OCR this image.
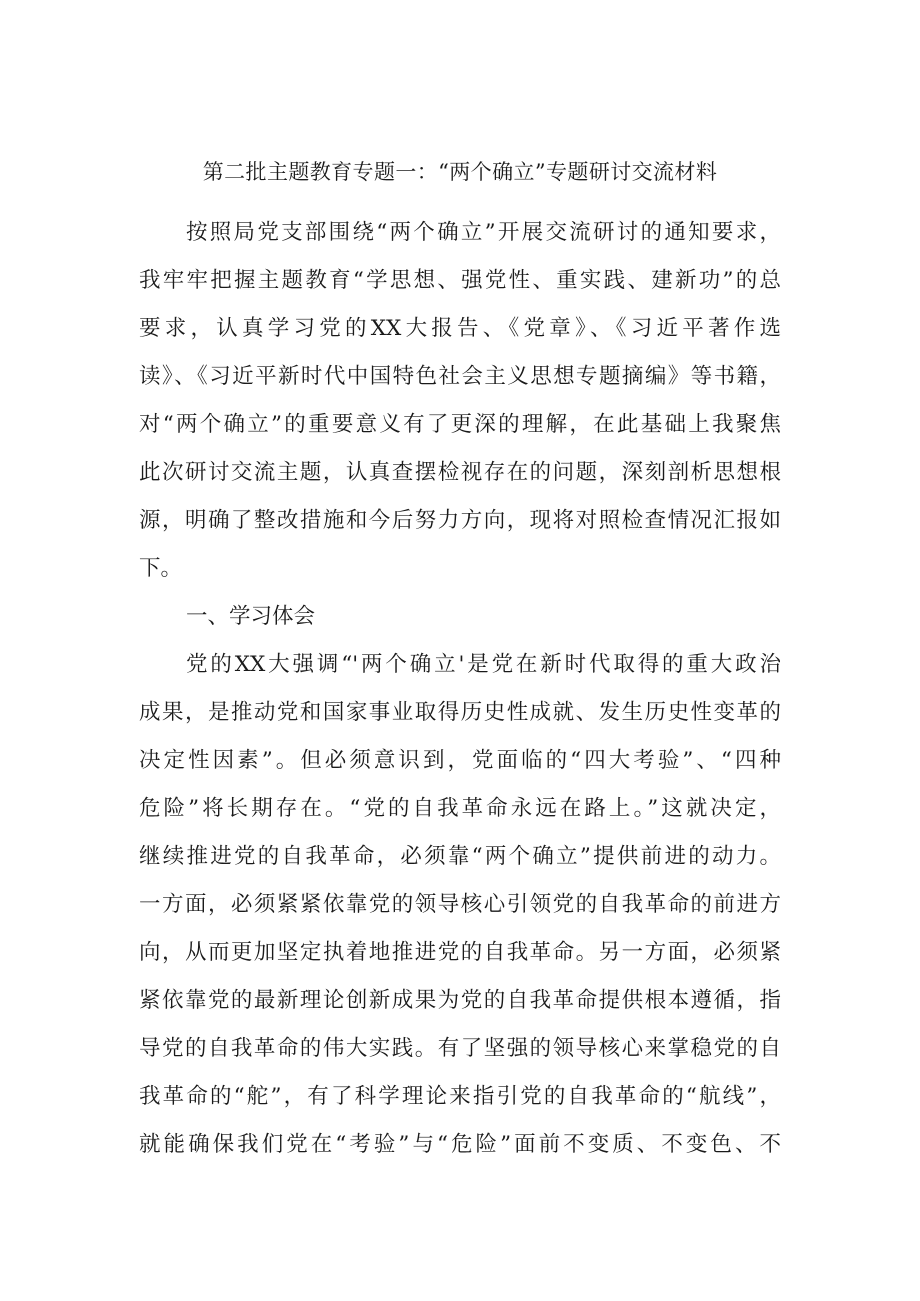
第二批主题教育专题一：“两个确立”专题研讨交流材料
按照局党支部围绕“两个确立”开展交流研讨的通知要求，
我牢牢把握主题教育“学思想、强党性、重实践、建新功”的总
要求，认真学习党的XX大报告、《党章》、《习近平著作选
读》、《习近平新时代中国特色社会主义思想专题摘编》等书籍，
对“两个确立”的重要意义有了更深的理解，在此基础上我聚焦
此次研讨交流主题，认真查摆检视存在的问题，深刻剖析思想根
源，明确了整改措施和今后努力方向，现将对照检查情况汇报如
下。
一、学习体会
党的XX大强调“'两个确立'是党在新时代取得的重大政治
成果，是推动党和国家事业取得历史性成就、发生历史性变革的
决定性因素”。但必须意识到，党面临的“四大考验”、“四种
危险”将长期存在。“党的自我革命永远在路上。”这就决定，
继续推进党的自我革命，必须靠“两个确立”提供前进的动力。
一方面，必须紧紧依靠党的领导核心引领党的自我革命的前进方
向，从而更加坚定执着地推进党的自我革命。另一方面，必须紧
紧依靠党的最新理论创新成果为党的自我革命提供根本遵循，指
导党的自我革命的伟大实践。有了坚强的领导核心来掌稳党的自
我革命的“舵”，有了科学理论来指引党的自我革命的“航线”，
就能确保我们党在“考验”与“危险”面前不变质、不变色、不
